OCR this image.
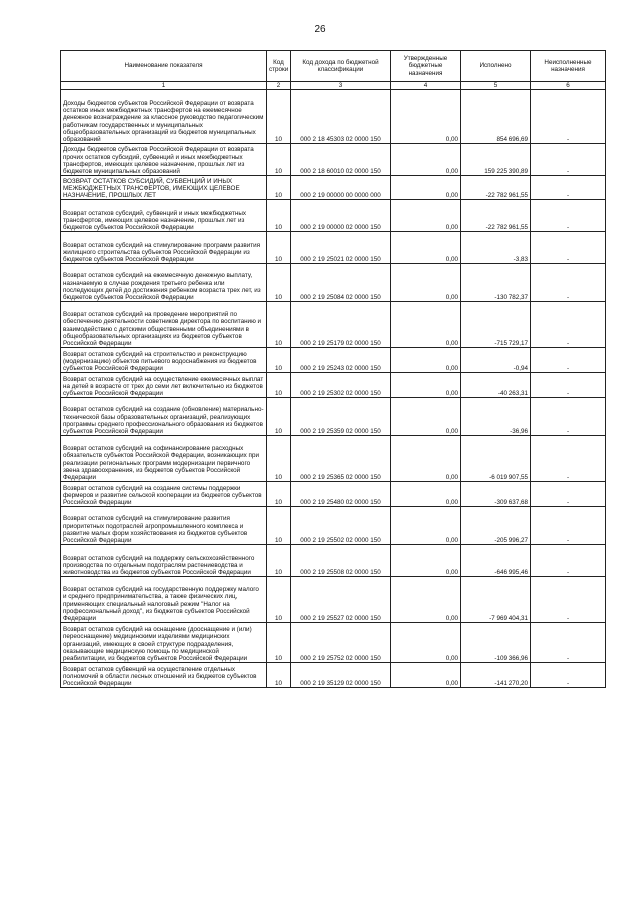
26
Наименование показателя	Код строки	Код дохода по бюджетной классификации	Утвержденные бюджетные назначения	Исполнено	Неисполненные назначения
1	2	3	4	5	6
Доходы бюджетов субъектов Российской Федерации от возврата остатков иных межбюджетных трансфертов на ежемесячное денежное вознаграждение за классное руководство педагогическим работникам государственных и муниципальных общеобразовательных организаций из бюджетов муниципальных образований	10	000 2 18 45303 02 0000 150	0,00	854 696,69	-
Доходы бюджетов субъектов Российской Федерации от возврата прочих остатков субсидий, субвенций и иных межбюджетных трансфертов, имеющих целевое назначение, прошлых лет из бюджетов муниципальных образований	10	000 2 18 60010 02 0000 150	0,00	159 225 390,89	-
ВОЗВРАТ ОСТАТКОВ СУБСИДИЙ, СУБВЕНЦИЙ И ИНЫХ МЕЖБЮДЖЕТНЫХ ТРАНСФЕРТОВ, ИМЕЮЩИХ ЦЕЛЕВОЕ НАЗНАЧЕНИЕ, ПРОШЛЫХ ЛЕТ	10	000 2 19 00000 00 0000 000	0,00	-22 782 961,55	-
Возврат остатков субсидий, субвенций и иных межбюджетных трансфертов, имеющих целевое назначение, прошлых лет из бюджетов субъектов Российской Федерации	10	000 2 19 00000 02 0000 150	0,00	-22 782 961,55	-
Возврат остатков субсидий на стимулирование программ развития жилищного строительства субъектов Российской Федерации из бюджетов субъектов Российской Федерации	10	000 2 19 25021 02 0000 150	0,00	-3,83	-
Возврат остатков субсидий на ежемесячную денежную выплату, назначаемую в случае рождения третьего ребенка или последующих детей до достижения ребенком возраста трех лет, из бюджетов субъектов Российской Федерации	10	000 2 19 25084 02 0000 150	0,00	-130 782,37	-
Возврат остатков субсидий на проведение мероприятий по обеспечению деятельности советников директора по воспитанию и взаимодействию с детскими общественными объединениями в общеобразовательных организациях из бюджетов субъектов Российской Федерации	10	000 2 19 25179 02 0000 150	0,00	-715 729,17	-
Возврат остатков субсидий на строительство и реконструкцию (модернизацию) объектов питьевого водоснабжения из бюджетов субъектов Российской Федерации	10	000 2 19 25243 02 0000 150	0,00	-0,94	-
Возврат остатков субсидий на осуществление ежемесячных выплат на детей в возрасте от трех до семи лет включительно из бюджетов субъектов Российской Федерации	10	000 2 19 25302 02 0000 150	0,00	-40 263,31	-
Возврат остатков субсидий на создание (обновление) материально-технической базы образовательных организаций, реализующих программы среднего профессионального образования из бюджетов субъектов Российской Федерации	10	000 2 19 25359 02 0000 150	0,00	-36,96	-
Возврат остатков субсидий на софинансирование расходных обязательств субъектов Российской Федерации, возникающих при реализации региональных программ модернизации первичного звена здравоохранения, из бюджетов субъектов Российской Федерации	10	000 2 19 25365 02 0000 150	0,00	-6 019 907,55	-
Возврат остатков субсидий на создание системы поддержки фермеров и развитие сельской кооперации из бюджетов субъектов Российской Федерации	10	000 2 19 25480 02 0000 150	0,00	-309 637,68	-
Возврат остатков субсидий на стимулирование развития приоритетных подотраслей агропромышленного комплекса и развитие малых форм хозяйствования из бюджетов субъектов Российской Федерации	10	000 2 19 25502 02 0000 150	0,00	-205 996,27	-
Возврат остатков субсидий на поддержку сельскохозяйственного производства по отдельным подотраслям растениеводства и животноводства из бюджетов субъектов Российской Федерации	10	000 2 19 25508 02 0000 150	0,00	-646 995,46	-
Возврат остатков субсидий на государственную поддержку малого и среднего предпринимательства, а также физических лиц, применяющих специальный налоговый режим "Налог на профессиональный доход", из бюджетов субъектов Российской Федерации	10	000 2 19 25527 02 0000 150	0,00	-7 969 404,31	-
Возврат остатков субсидий на оснащение (дооснащение и (или) переоснащение) медицинскими изделиями медицинских организаций, имеющих в своей структуре подразделения, оказывающие медицинскую помощь по медицинской реабилитации, из бюджетов субъектов Российской Федерации	10	000 2 19 25752 02 0000 150	0,00	-109 366,96	-
Возврат остатков субвенций на осуществление отдельных полномочий в области лесных отношений из бюджетов субъектов Российской Федерации	10	000 2 19 35129 02 0000 150	0,00	-141 270,20	-
